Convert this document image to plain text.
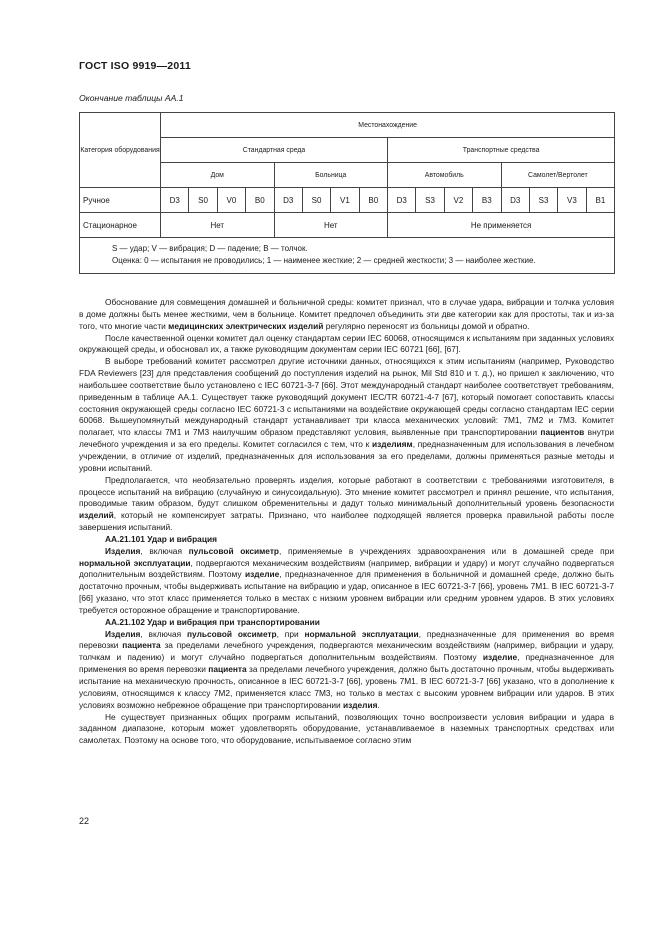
ГОСТ ISO 9919—2011
Окончание таблицы АА.1
Категория оборудования	Местонахождение															
	Стандартная среда								Транспортные средства							
	Дом				Больница				Автомобиль				Самолет/Вертолет			
Ручное	D3	S0	V0	B0	D3	S0	V1	B0	D3	S3	V2	B3	D3	S3	V3	B1
Стационарное	Нет				Нет				Не применяется							

S — удар; V — вибрация; D — падение; B — толчок.
Оценка: 0 — испытания не проводились; 1 — наименее жесткие; 2 — средней жесткости; 3 — наиболее жесткие.																

Обоснование для совмещения домашней и больничной среды: комитет признал, что в случае удара, вибрации и толчка условия в доме должны быть менее жесткими, чем в больнице. Комитет предпочел объединить эти две категории как для простоты, так и из-за того, что многие части медицинских электрических изделий регулярно переносят из больницы домой и обратно.

После качественной оценки комитет дал оценку стандартам серии IEC 60068, относящимся к испытаниям при заданных условиях окружающей среды, и обосновал их, а также руководящим документам серии IEC 60721 [66], [67].

В выборе требований комитет рассмотрел другие источники данных, относящихся к этим испытаниям (например, Руководство FDA Reviewers [23] для представления сообщений до поступления изделий на рынок, Mil Std 810 и т. д.), но пришел к заключению, что наибольшее соответствие было установлено с IEC 60721-3-7 [66]. Этот международный стандарт наиболее соответствует требованиям, приведенным в таблице АА.1. Существует также руководящий документ IEC/TR 60721-4-7 [67], который помогает сопоставить классы состояния окружающей среды согласно IEC 60721-3 с испытаниями на воздействие окружающей среды согласно стандартам IEC серии 60068. Вышеупомянутый международный стандарт устанавливает три класса механических условий: 7M1, 7M2 и 7M3. Комитет полагает, что классы 7M1 и 7M3 наилучшим образом представляют условия, выявленные при транспортировании пациентов внутри лечебного учреждения и за его пределы. Комитет согласился с тем, что к изделиям, предназначенным для использования в лечебном учреждении, в отличие от изделий, предназначенных для использования за его пределами, должны применяться разные методы и уровни испытаний.

Предполагается, что необязательно проверять изделия, которые работают в соответствии с требованиями изготовителя, в процессе испытаний на вибрацию (случайную и синусоидальную). Это мнение комитет рассмотрел и принял решение, что испытания, проводимые таким образом, будут слишком обременительны и дадут только минимальный дополнительный уровень безопасности изделий, который не компенсирует затраты. Признано, что наиболее подходящей является проверка правильной работы после завершения испытаний.

АА.21.101 Удар и вибрация

Изделия, включая пульсовой оксиметр, применяемые в учреждениях здравоохранения или в домашней среде при нормальной эксплуатации, подвергаются механическим воздействиям (например, вибрации и удару) и могут случайно подвергаться дополнительным воздействиям. Поэтому изделие, предназначенное для применения в больничной и домашней среде, должно быть достаточно прочным, чтобы выдерживать испытание на вибрацию и удар, описанное в IEC 60721-3-7 [66], уровень 7M1. В IEC 60721-3-7 [66] указано, что этот класс применяется только в местах с низким уровнем вибрации или средним уровнем ударов. В этих условиях требуется осторожное обращение и транспортирование.

АА.21.102 Удар и вибрация при транспортировании

Изделия, включая пульсовой оксиметр, при нормальной эксплуатации, предназначенные для применения во время перевозки пациента за пределами лечебного учреждения, подвергаются механическим воздействиям (например, вибрации и удару, толчкам и падению) и могут случайно подвергаться дополнительным воздействиям. Поэтому изделие, предназначенное для применения во время перевозки пациента за пределами лечебного учреждения, должно быть достаточно прочным, чтобы выдерживать испытание на механическую прочность, описанное в IEC 60721-3-7 [66], уровень 7M1. В IEC 60721-3-7 [66] указано, что в дополнение к условиям, относящимся к классу 7M2, применяется класс 7M3, но только в местах с высоким уровнем вибрации или ударов. В этих условиях возможно небрежное обращение при транспортировании изделия.

Не существует признанных общих программ испытаний, позволяющих точно воспроизвести условия вибрации и удара в заданном диапазоне, которым может удовлетворять оборудование, устанавливаемое в наземных транспортных средствах или самолетах. Поэтому на основе того, что оборудование, испытываемое согласно этим

22
